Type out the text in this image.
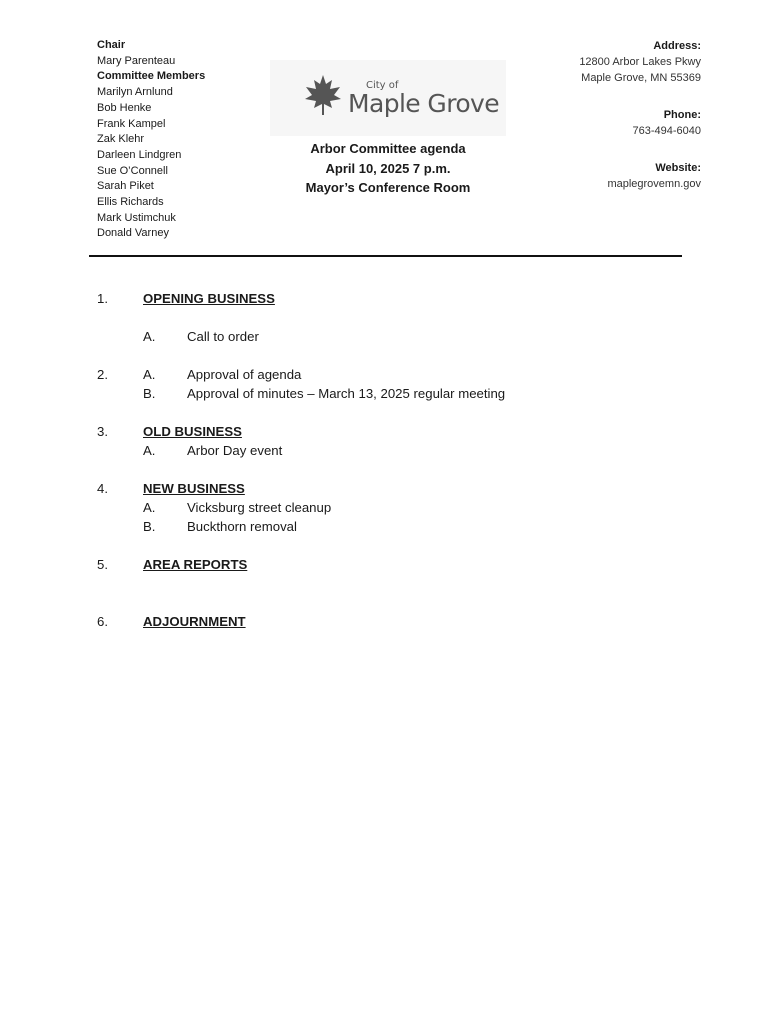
Chair
Mary Parenteau
Committee Members
Marilyn Arnlund
Bob Henke
Frank Kampel
Zak Klehr
Darleen Lindgren
Sue O’Connell
Sarah Piket
Ellis Richards
Mark Ustimchuk
Donald Varney
City of
Maple Grove
Arbor Committee agenda
April 10, 2025 7 p.m.
Mayor’s Conference Room
Address:
12800 Arbor Lakes Pkwy
Maple Grove, MN 55369
Phone:
763-494-6040
Website:
maplegrovemn.gov
1.	OPENING BUSINESS
A. Call to order
2.	A. Approval of agenda
B. Approval of minutes – March 13, 2025 regular meeting
3.	OLD BUSINESS
A. Arbor Day event
4.	NEW BUSINESS
A. Vicksburg street cleanup
B. Buckthorn removal
5.	AREA REPORTS
6.	ADJOURNMENT
